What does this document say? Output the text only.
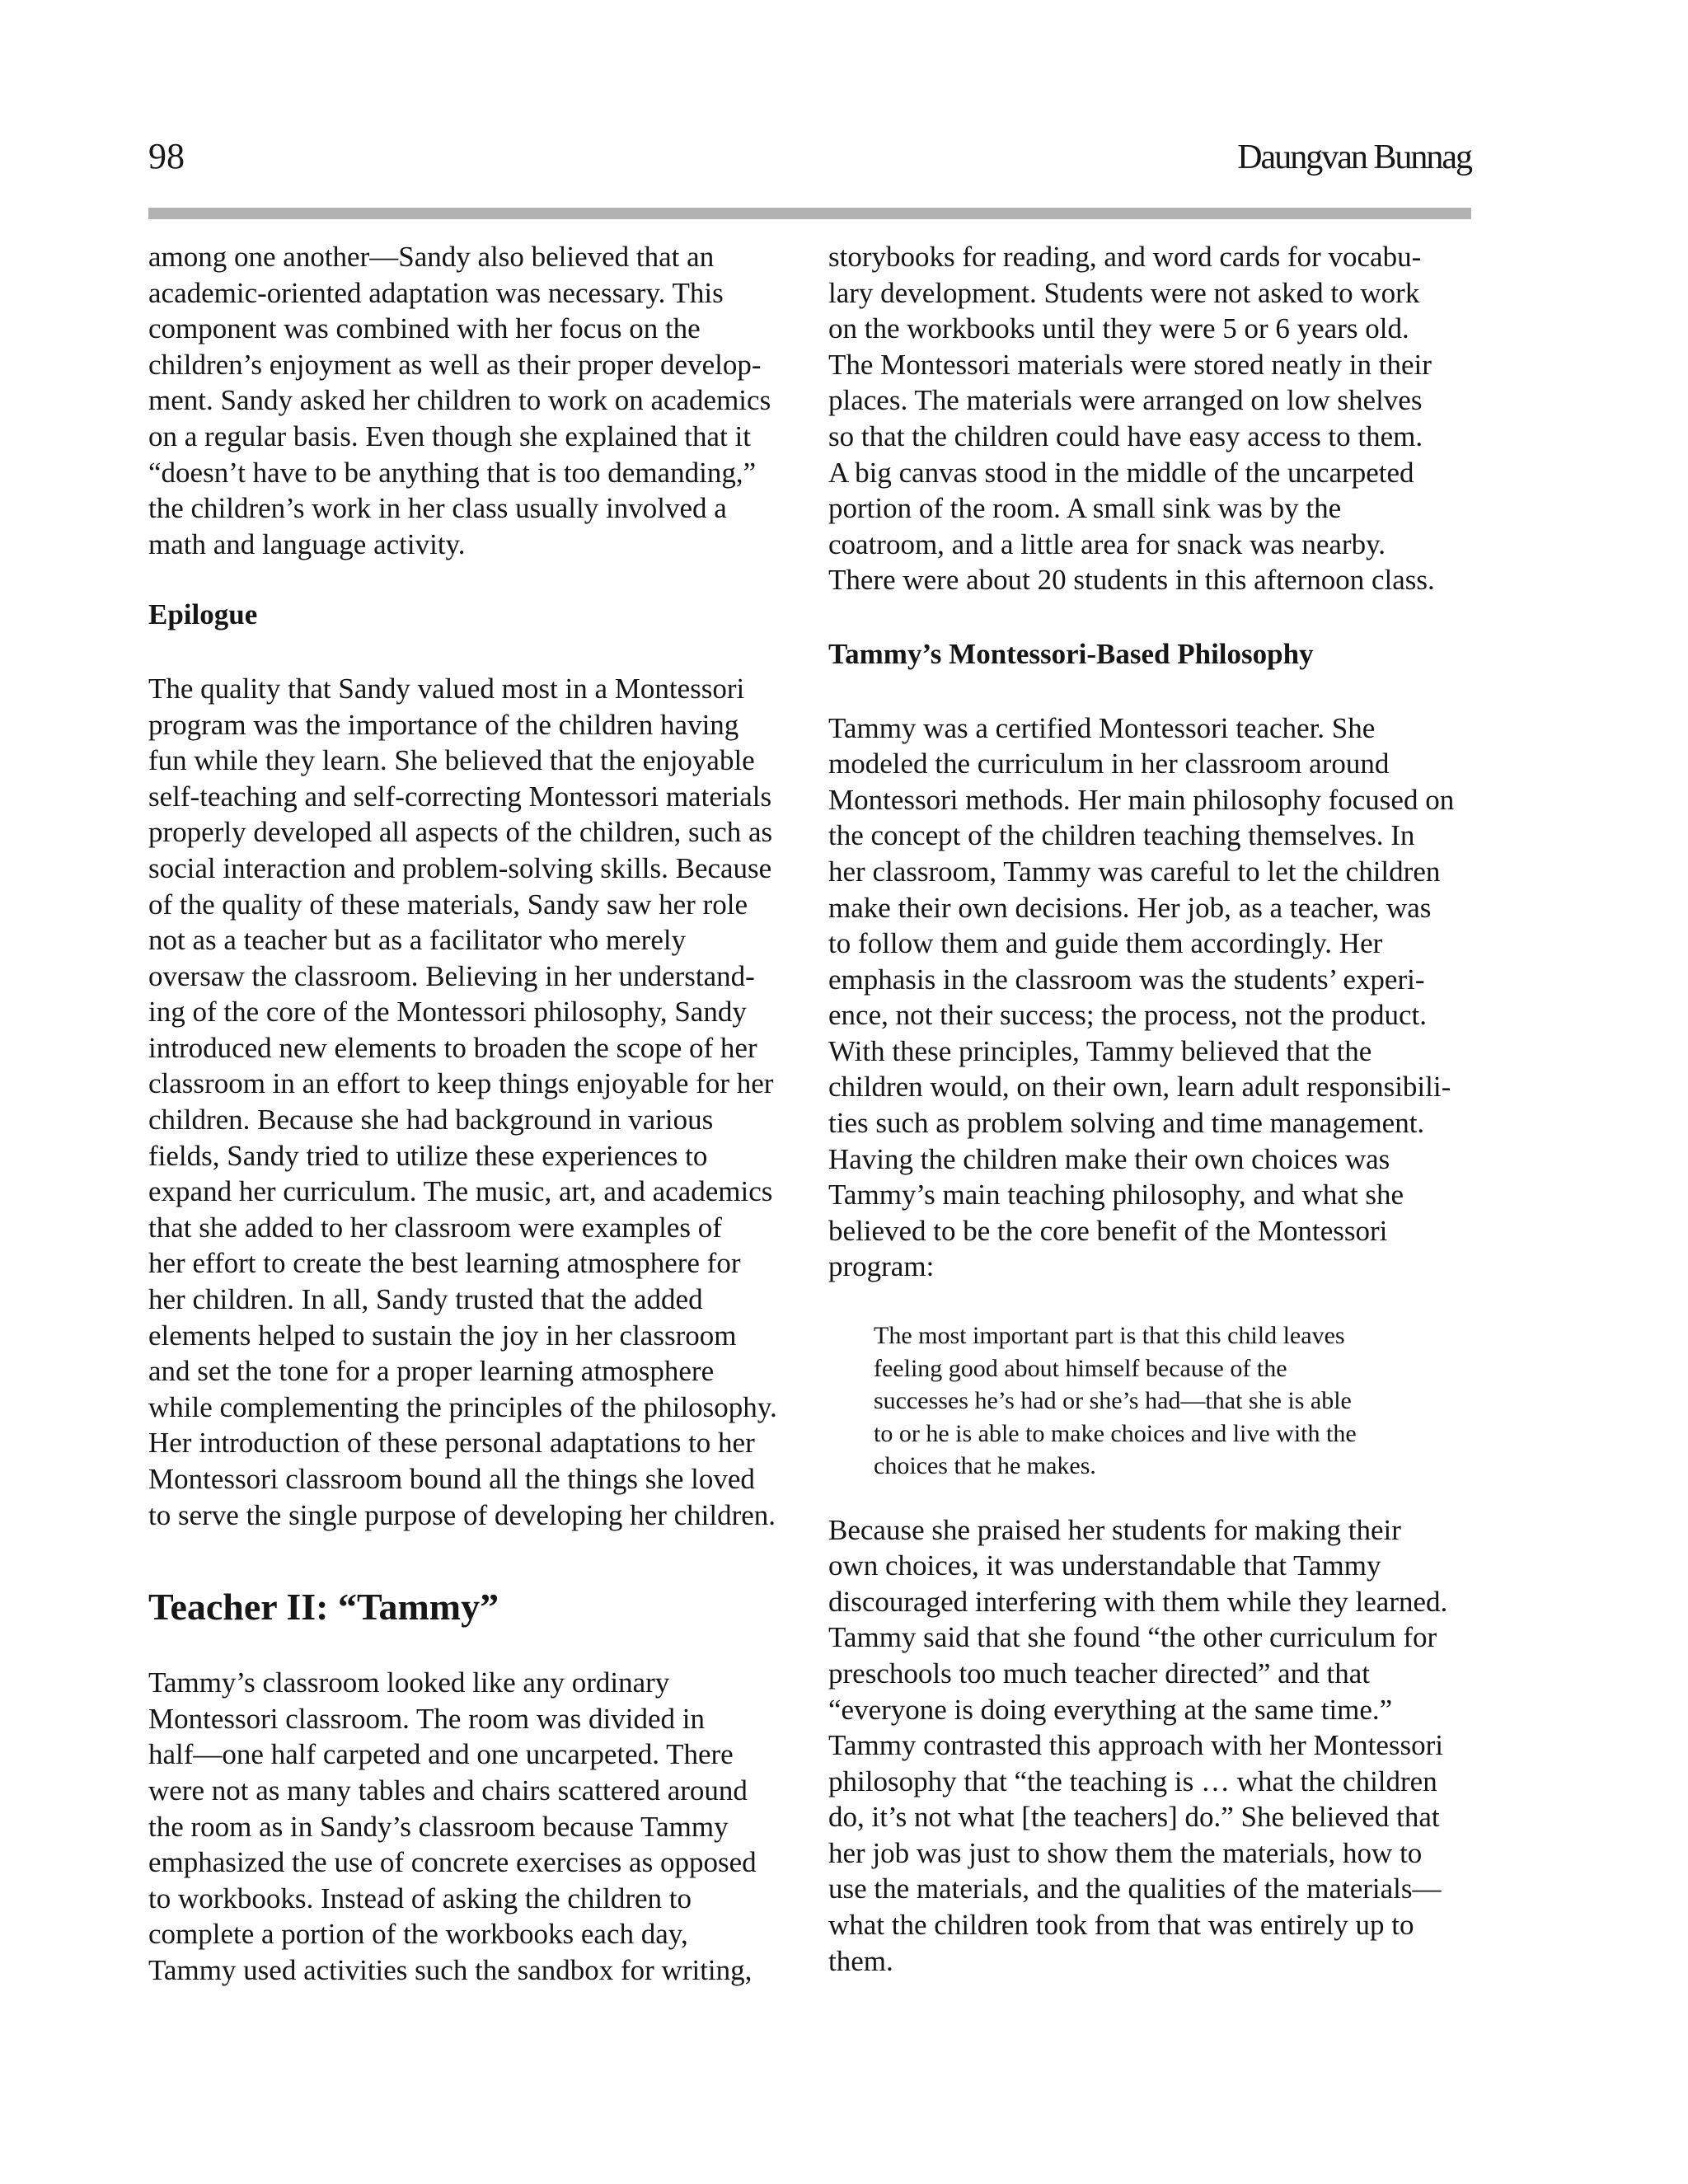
98	Daungvan Bunnag

among one another—Sandy also believed that an
academic-oriented adaptation was necessary. This
component was combined with her focus on the
children’s enjoyment as well as their proper develop-
ment. Sandy asked her children to work on academics
on a regular basis. Even though she explained that it
“doesn’t have to be anything that is too demanding,”
the children’s work in her class usually involved a
math and language activity.

Epilogue

The quality that Sandy valued most in a Montessori
program was the importance of the children having
fun while they learn. She believed that the enjoyable
self-teaching and self-correcting Montessori materials
properly developed all aspects of the children, such as
social interaction and problem-solving skills. Because
of the quality of these materials, Sandy saw her role
not as a teacher but as a facilitator who merely
oversaw the classroom. Believing in her understand-
ing of the core of the Montessori philosophy, Sandy
introduced new elements to broaden the scope of her
classroom in an effort to keep things enjoyable for her
children. Because she had background in various
fields, Sandy tried to utilize these experiences to
expand her curriculum. The music, art, and academics
that she added to her classroom were examples of
her effort to create the best learning atmosphere for
her children. In all, Sandy trusted that the added
elements helped to sustain the joy in her classroom
and set the tone for a proper learning atmosphere
while complementing the principles of the philosophy.
Her introduction of these personal adaptations to her
Montessori classroom bound all the things she loved
to serve the single purpose of developing her children.

Teacher II: “Tammy”

Tammy’s classroom looked like any ordinary
Montessori classroom. The room was divided in
half—one half carpeted and one uncarpeted. There
were not as many tables and chairs scattered around
the room as in Sandy’s classroom because Tammy
emphasized the use of concrete exercises as opposed
to workbooks. Instead of asking the children to
complete a portion of the workbooks each day,
Tammy used activities such the sandbox for writing,

storybooks for reading, and word cards for vocabu-
lary development. Students were not asked to work
on the workbooks until they were 5 or 6 years old.
The Montessori materials were stored neatly in their
places. The materials were arranged on low shelves
so that the children could have easy access to them.
A big canvas stood in the middle of the uncarpeted
portion of the room. A small sink was by the
coatroom, and a little area for snack was nearby.
There were about 20 students in this afternoon class.

Tammy’s Montessori-Based Philosophy

Tammy was a certified Montessori teacher. She
modeled the curriculum in her classroom around
Montessori methods. Her main philosophy focused on
the concept of the children teaching themselves. In
her classroom, Tammy was careful to let the children
make their own decisions. Her job, as a teacher, was
to follow them and guide them accordingly. Her
emphasis in the classroom was the students’ experi-
ence, not their success; the process, not the product.
With these principles, Tammy believed that the
children would, on their own, learn adult responsibili-
ties such as problem solving and time management.
Having the children make their own choices was
Tammy’s main teaching philosophy, and what she
believed to be the core benefit of the Montessori
program:

The most important part is that this child leaves
feeling good about himself because of the
successes he’s had or she’s had—that she is able
to or he is able to make choices and live with the
choices that he makes.

Because she praised her students for making their
own choices, it was understandable that Tammy
discouraged interfering with them while they learned.
Tammy said that she found “the other curriculum for
preschools too much teacher directed” and that
“everyone is doing everything at the same time.”
Tammy contrasted this approach with her Montessori
philosophy that “the teaching is … what the children
do, it’s not what [the teachers] do.” She believed that
her job was just to show them the materials, how to
use the materials, and the qualities of the materials—
what the children took from that was entirely up to
them.
